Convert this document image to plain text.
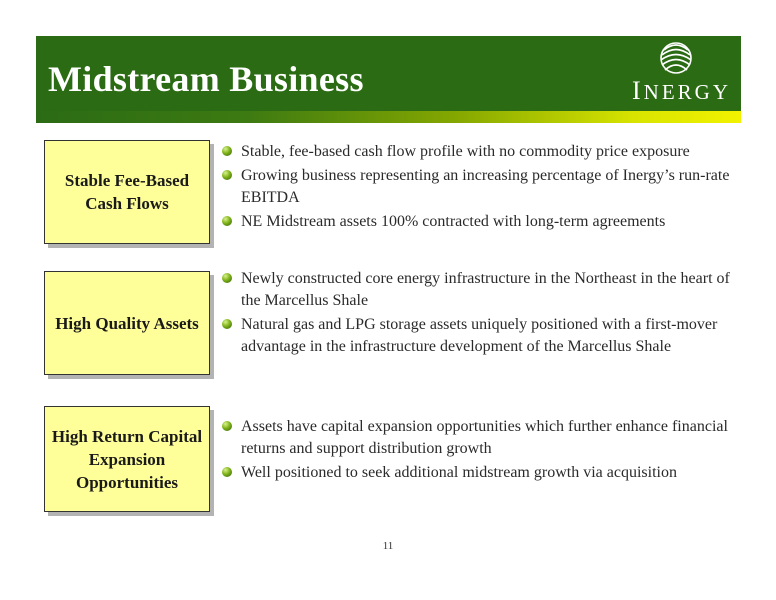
Midstream Business	INERGY
Stable Fee-Based Cash Flows
Stable, fee-based cash flow profile with no commodity price exposure
Growing business representing an increasing percentage of Inergy’s run-rate EBITDA
NE Midstream assets 100% contracted with long-term agreements
High Quality Assets
Newly constructed core energy infrastructure in the Northeast in the heart of the Marcellus Shale
Natural gas and LPG storage assets uniquely positioned with a first-mover advantage in the infrastructure development of the Marcellus Shale
High Return Capital Expansion Opportunities
Assets have capital expansion opportunities which further enhance financial returns and support distribution growth
Well positioned to seek additional midstream growth via acquisition
11
